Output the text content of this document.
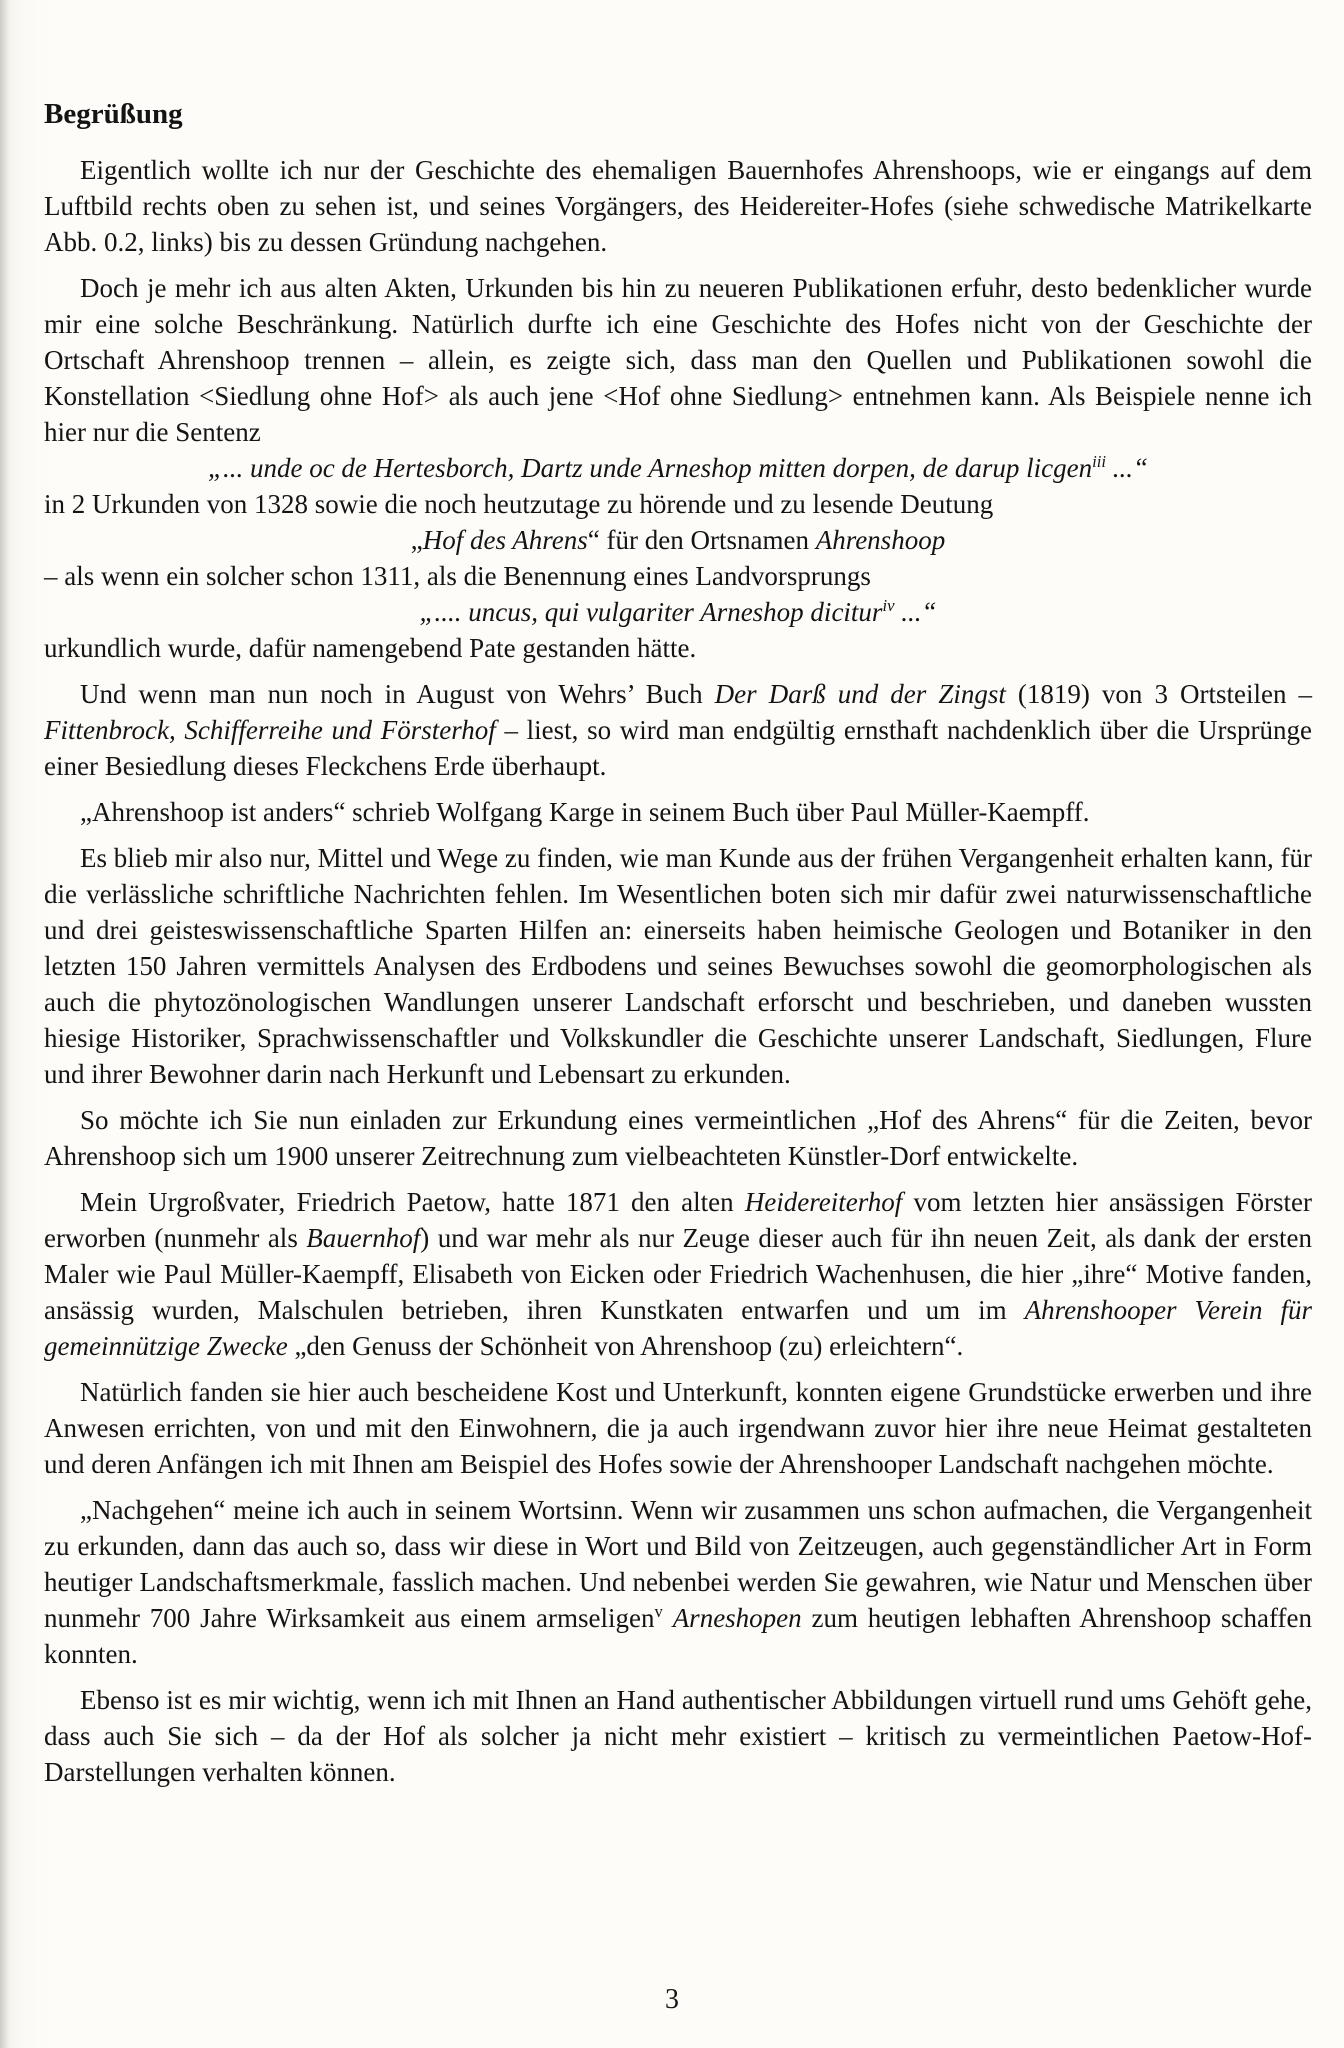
Begrüßung

Eigentlich wollte ich nur der Geschichte des ehemaligen Bauernhofes Ahrenshoops, wie er eingangs auf dem Luftbild rechts oben zu sehen ist, und seines Vorgängers, des Heidereiter-Hofes (siehe schwedische Matrikelkarte Abb. 0.2, links) bis zu dessen Gründung nachgehen.

Doch je mehr ich aus alten Akten, Urkunden bis hin zu neueren Publikationen erfuhr, desto bedenklicher wurde mir eine solche Beschränkung. Natürlich durfte ich eine Geschichte des Hofes nicht von der Geschichte der Ortschaft Ahrenshoop trennen – allein, es zeigte sich, dass man den Quellen und Publikationen sowohl die Konstellation <Siedlung ohne Hof> als auch jene <Hof ohne Siedlung> entnehmen kann. Als Beispiele nenne ich hier nur die Sentenz

„... unde oc de Hertesborch, Dartz unde Arneshop mitten dorpen, de darup licgen$^{iii}$ ...“

in 2 Urkunden von 1328 sowie die noch heutzutage zu hörende und zu lesende Deutung

„Hof des Ahrens“ für den Ortsnamen Ahrenshoop

– als wenn ein solcher schon 1311, als die Benennung eines Landvorsprungs

„.... uncus, qui vulgariter Arneshop dicitur$^{iv}$ ...“

urkundlich wurde, dafür namengebend Pate gestanden hätte.

Und wenn man nun noch in August von Wehrs’ Buch Der Darß und der Zingst (1819) von 3 Ortsteilen – Fittenbrock, Schifferreihe und Försterhof – liest, so wird man endgültig ernsthaft nachdenklich über die Ursprünge einer Besiedlung dieses Fleckchens Erde überhaupt.

„Ahrenshoop ist anders“ schrieb Wolfgang Karge in seinem Buch über Paul Müller-Kaempff.

Es blieb mir also nur, Mittel und Wege zu finden, wie man Kunde aus der frühen Vergangenheit erhalten kann, für die verlässliche schriftliche Nachrichten fehlen. Im Wesentlichen boten sich mir dafür zwei naturwissenschaftliche und drei geisteswissenschaftliche Sparten Hilfen an: einerseits haben heimische Geologen und Botaniker in den letzten 150 Jahren vermittels Analysen des Erdbodens und seines Bewuchses sowohl die geomorphologischen als auch die phytozönologischen Wandlungen unserer Landschaft erforscht und beschrieben, und daneben wussten hiesige Historiker, Sprachwissenschaftler und Volkskundler die Geschichte unserer Landschaft, Siedlungen, Flure und ihrer Bewohner darin nach Herkunft und Lebensart zu erkunden.

So möchte ich Sie nun einladen zur Erkundung eines vermeintlichen „Hof des Ahrens“ für die Zeiten, bevor Ahrenshoop sich um 1900 unserer Zeitrechnung zum vielbeachteten Künstler-Dorf entwickelte.

Mein Urgroßvater, Friedrich Paetow, hatte 1871 den alten Heidereiterhof vom letzten hier ansässigen Förster erworben (nunmehr als Bauernhof) und war mehr als nur Zeuge dieser auch für ihn neuen Zeit, als dank der ersten Maler wie Paul Müller-Kaempff, Elisabeth von Eicken oder Friedrich Wachenhusen, die hier „ihre“ Motive fanden, ansässig wurden, Malschulen betrieben, ihren Kunstkaten entwarfen und um im Ahrenshooper Verein für gemeinnützige Zwecke „den Genuss der Schönheit von Ahrenshoop (zu) erleichtern“.

Natürlich fanden sie hier auch bescheidene Kost und Unterkunft, konnten eigene Grundstücke erwerben und ihre Anwesen errichten, von und mit den Einwohnern, die ja auch irgendwann zuvor hier ihre neue Heimat gestalteten und deren Anfängen ich mit Ihnen am Beispiel des Hofes sowie der Ahrenshooper Landschaft nachgehen möchte.

„Nachgehen“ meine ich auch in seinem Wortsinn. Wenn wir zusammen uns schon aufmachen, die Vergangenheit zu erkunden, dann das auch so, dass wir diese in Wort und Bild von Zeitzeugen, auch gegenständlicher Art in Form heutiger Landschaftsmerkmale, fasslich machen. Und nebenbei werden Sie gewahren, wie Natur und Menschen über nunmehr 700 Jahre Wirksamkeit aus einem armseligen$^v$ Arneshopen zum heutigen lebhaften Ahrenshoop schaffen konnten.

Ebenso ist es mir wichtig, wenn ich mit Ihnen an Hand authentischer Abbildungen virtuell rund ums Gehöft gehe, dass auch Sie sich – da der Hof als solcher ja nicht mehr existiert – kritisch zu vermeintlichen Paetow-Hof-Darstellungen verhalten können.

3
